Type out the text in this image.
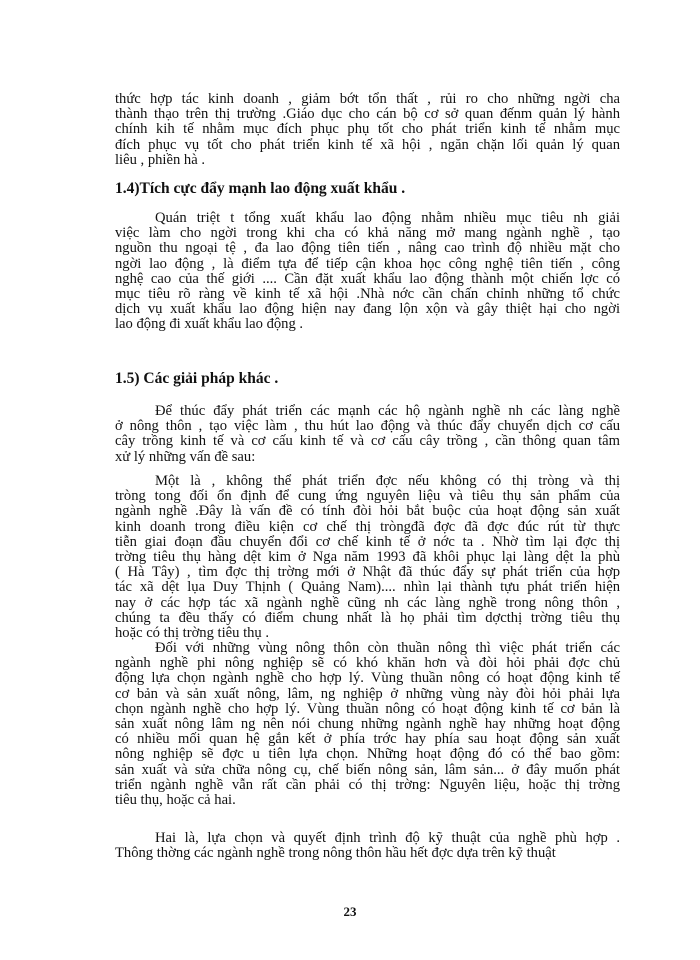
thức hợp tác kinh doanh , giảm bớt tổn thất , rủi ro cho những ngời cha
thành thạo trên thị trường .Giáo dục cho cán bộ cơ sở quan đếnm quản lý hành
chính kih tế nhằm mục đích phục phụ tốt cho phát triển kinh tế nhằm mục
đích phục vụ tốt cho phát triển kinh tế xã hội , ngăn chặn lối quản lý quan
liêu , phiền hà .
1.4)Tích cực đẩy mạnh lao động xuất khẩu .
Quán triệt t tổng xuất khẩu lao động nhằm nhiều mục tiêu nh giải
việc làm cho ngời trong khi cha có khả năng mở mang ngành nghề , tạo
nguồn thu ngoại tệ , đa lao động tiên tiến , nâng cao trình độ nhiều mặt cho
ngời lao động , là điểm tựa để tiếp cận khoa học công nghệ tiên tiến , công
nghệ cao của thế giới .... Cần đặt xuất khẩu lao động thành một chiến lợc có
mục tiêu rõ ràng về kinh tế xã hội .Nhà nớc cần chấn chỉnh những tổ chức
dịch vụ xuất khẩu lao động hiện nay đang lộn xộn và gây thiệt hại cho ngời
lao động đi xuất khẩu lao động .
1.5) Các giải pháp khác .
Để thúc đẩy phát triển các mạnh các hộ ngành nghề nh các làng nghề
ở nông thôn , tạo việc làm , thu hút lao động và thúc đẩy chuyển dịch cơ cấu
cây trồng kinh tế và cơ cấu kinh tế và cơ cấu cây trồng , cần thông quan tâm
xử lý những vấn đề sau:
Một là , không thể phát triển đợc nếu không có thị tròng và thị
tròng tong đối ổn định để cung ứng nguyên liệu và tiêu thụ sản phẩm của
ngành nghề .Đây là vấn đề có tính đòi hỏi bắt buộc của hoạt động sản xuất
kinh doanh trong điều kiện cơ chế thị tròngđã đợc đã đợc đúc rút từ thực
tiễn giai đoạn đầu chuyển đổi cơ chế kinh tế ở nớc ta . Nhờ tìm lại đợc thị
trờng tiêu thụ hàng dệt kim ở Nga năm 1993 đã khôi phục lại làng dệt la phù
( Hà Tây) , tìm đợc thị trờng mới ở Nhật đã thúc đẩy sự phát triển của hợp
tác xã dệt lụa Duy Thịnh ( Quảng Nam).... nhìn lại thành tựu phát triển hiện
nay ở các hợp tác xã ngành nghề cũng nh các làng nghề trong nông thôn ,
chúng ta đều thấy có điểm chung nhất là họ phải tìm dợcthị trờng tiêu thụ
hoặc có thị trờng tiêu thụ .
Đối với những vùng nông thôn còn thuần nông thì việc phát triển các
ngành nghề phi nông nghiệp sẽ có khó khăn hơn và đòi hỏi phải đợc chủ
động lựa chọn ngành nghề cho hợp lý. Vùng thuần nông có hoạt động kinh tế
cơ bản và sản xuất nông, lâm, ng nghiệp ở những vùng này đòi hỏi phải lựa
chọn ngành nghề cho hợp lý. Vùng thuần nông có hoạt động kinh tế cơ bản là
sản xuất nông lâm ng nên nói chung những ngành nghề hay những hoạt động
có nhiều mối quan hệ gắn kết ở phía trớc hay phía sau hoạt động sản xuất
nông nghiệp sẽ đợc u tiên lựa chọn. Những hoạt động đó có thể bao gồm:
sản xuất và sửa chữa nông cụ, chế biến nông sản, lâm sản... ở đây muốn phát
triển ngành nghề vẫn rất cần phải có thị trờng: Nguyên liệu, hoặc thị trờng
tiêu thụ, hoặc cả hai.
Hai là, lựa chọn và quyết định trình độ kỹ thuật của nghề phù hợp .
Thông thờng các ngành nghề trong nông thôn hầu hết đợc dựa trên kỹ thuật
23
